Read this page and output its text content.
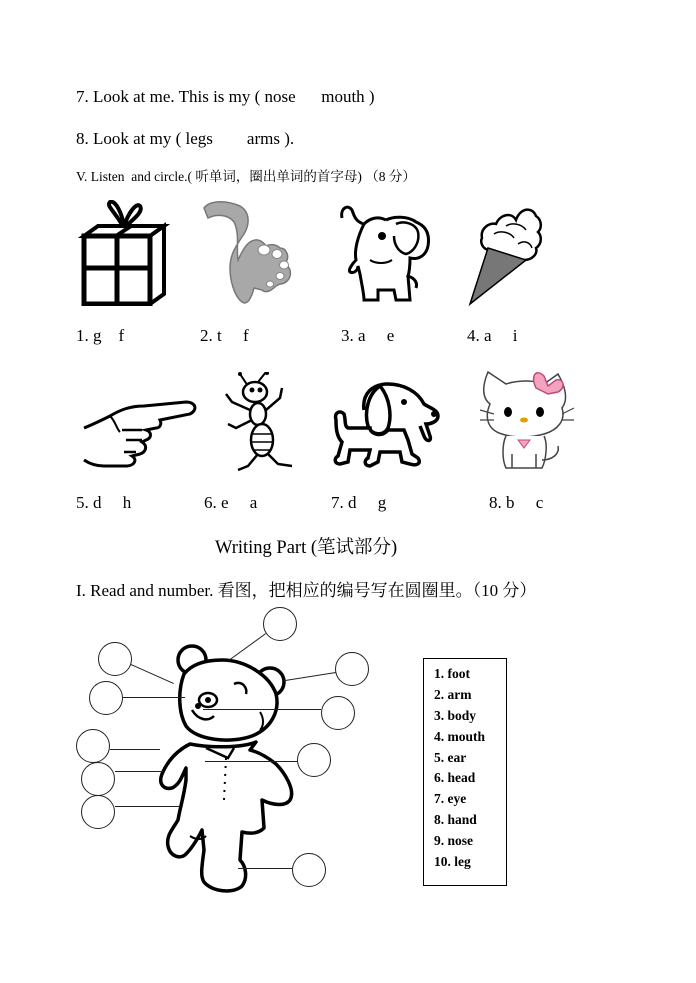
7. Look at me. This is my ( nose      mouth )
8. Look at my ( legs        arms ).
V. Listen  and circle.( 听单词，圈出单词的首字母) （8 分）
1. g    f	2. t     f	3. a     e	4. a     i
5. d     h	6. e     a	7. d     g	8. b     c
Writing Part (笔试部分)
I. Read and number. 看图，把相应的编号写在圆圈里。（10 分）
1. foot
2. arm
3. body
4. mouth
5. ear
6. head
7. eye
8. hand
9. nose
10. leg
